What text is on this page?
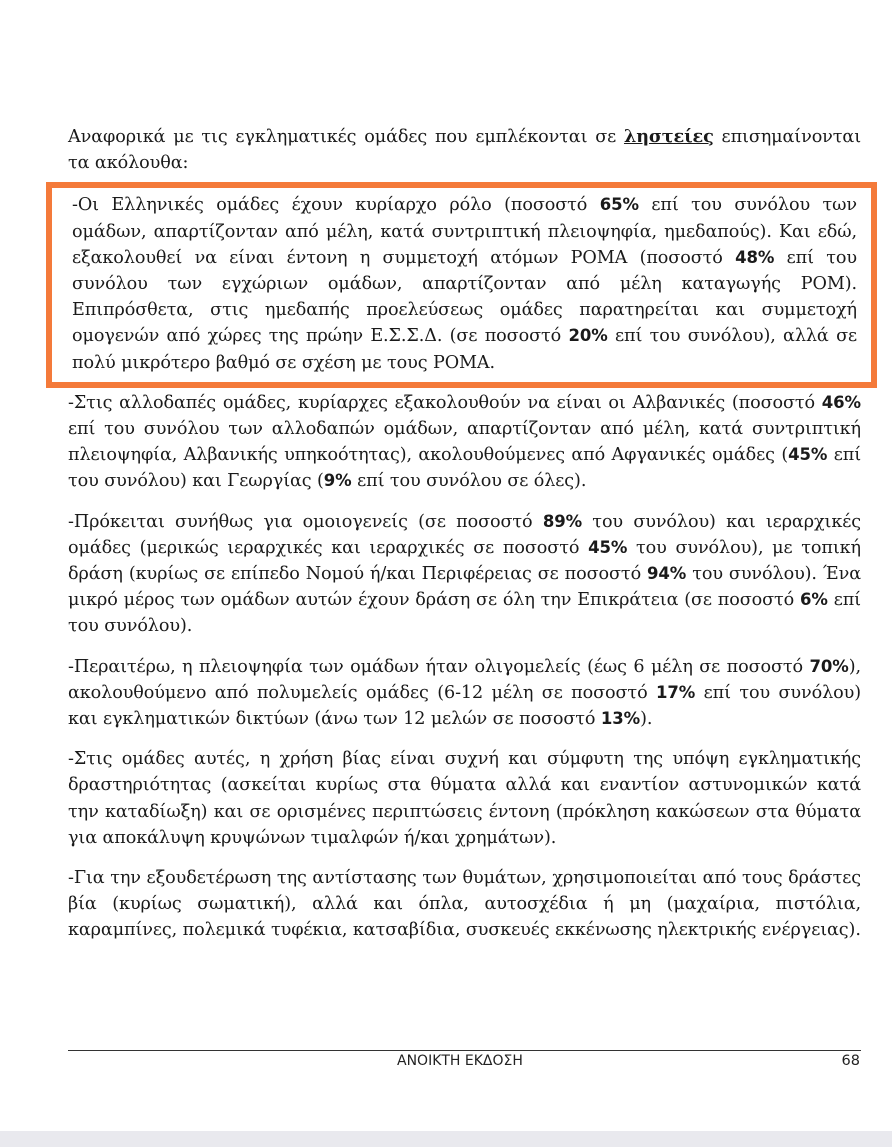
Αναφορικά με τις εγκληματικές ομάδες που εμπλέκονται σε ληστείες επισημαίνονται τα ακόλουθα:

-Οι Ελληνικές ομάδες έχουν κυρίαρχο ρόλο (ποσοστό 65% επί του συνόλου των ομάδων, απαρτίζονταν από μέλη, κατά συντριπτική πλειοψηφία, ημεδαπούς). Και εδώ, εξακολουθεί να είναι έντονη η συμμετοχή ατόμων ΡΟΜΑ (ποσοστό 48% επί του συνόλου των εγχώριων ομάδων, απαρτίζονταν από μέλη καταγωγής ΡΟΜ). Επιπρόσθετα, στις ημεδαπής προελεύσεως ομάδες παρατηρείται και συμμετοχή ομογενών από χώρες της πρώην Ε.Σ.Σ.Δ. (σε ποσοστό 20% επί του συνόλου), αλλά σε πολύ μικρότερο βαθμό σε σχέση με τους ΡΟΜΑ.

-Στις αλλοδαπές ομάδες, κυρίαρχες εξακολουθούν να είναι οι Αλβανικές (ποσοστό 46% επί του συνόλου των αλλοδαπών ομάδων, απαρτίζονταν από μέλη, κατά συντριπτική πλειοψηφία, Αλβανικής υπηκοότητας), ακολουθούμενες από Αφγανικές ομάδες (45% επί του συνόλου) και Γεωργίας (9% επί του συνόλου σε όλες).

-Πρόκειται συνήθως για ομοιογενείς (σε ποσοστό 89% του συνόλου) και ιεραρχικές ομάδες (μερικώς ιεραρχικές και ιεραρχικές σε ποσοστό 45% του συνόλου), με τοπική δράση (κυρίως σε επίπεδο Νομού ή/και Περιφέρειας σε ποσοστό 94% του συνόλου). Ένα μικρό μέρος των ομάδων αυτών έχουν δράση σε όλη την Επικράτεια (σε ποσοστό 6% επί του συνόλου).

-Περαιτέρω, η πλειοψηφία των ομάδων ήταν ολιγομελείς (έως 6 μέλη σε ποσοστό 70%), ακολουθούμενο από πολυμελείς ομάδες (6-12 μέλη σε ποσοστό 17% επί του συνόλου) και εγκληματικών δικτύων (άνω των 12 μελών σε ποσοστό 13%).

-Στις ομάδες αυτές, η χρήση βίας είναι συχνή και σύμφυτη της υπόψη εγκληματικής δραστηριότητας (ασκείται κυρίως στα θύματα αλλά και εναντίον αστυνομικών κατά την καταδίωξη) και σε ορισμένες περιπτώσεις έντονη (πρόκληση κακώσεων στα θύματα για αποκάλυψη κρυψώνων τιμαλφών ή/και χρημάτων).

-Για την εξουδετέρωση της αντίστασης των θυμάτων, χρησιμοποιείται από τους δράστες βία (κυρίως σωματική), αλλά και όπλα, αυτοσχέδια ή μη (μαχαίρια, πιστόλια, καραμπίνες, πολεμικά τυφέκια, κατσαβίδια, συσκευές εκκένωσης ηλεκτρικής ενέργειας).

ΑΝΟΙΚΤΗ ΕΚΔΟΣΗ	68
